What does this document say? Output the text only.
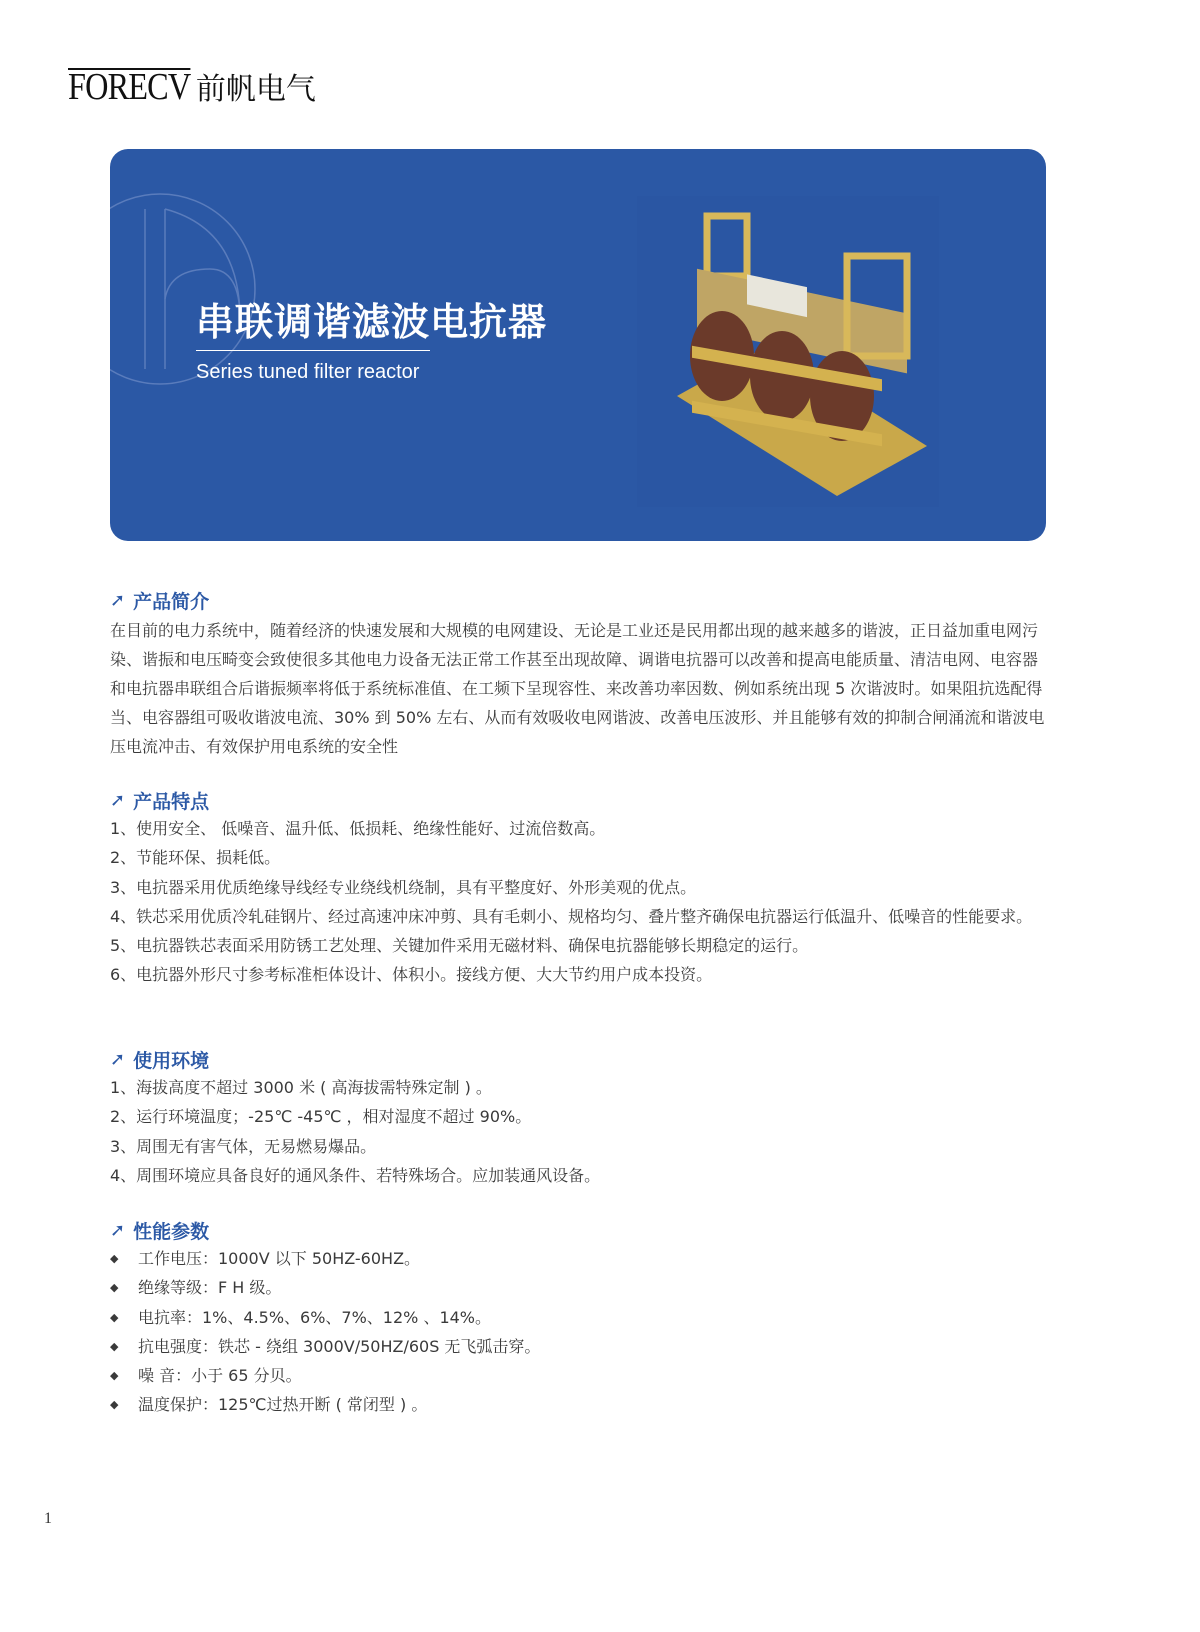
FORECV 前帆电气
串联调谐滤波电抗器
Series tuned filter reactor
➚ 产品简介
在目前的电力系统中，随着经济的快速发展和大规模的电网建设、无论是工业还是民用都出现的越来越多的谐波，正日益加重电网污染、谐振和电压畸变会致使很多其他电力设备无法正常工作甚至出现故障、调谐电抗器可以改善和提高电能质量、清洁电网、电容器和电抗器串联组合后谐振频率将低于系统标准值、在工频下呈现容性、来改善功率因数、例如系统出现 5 次谐波时。如果阻抗选配得当、电容器组可吸收谐波电流、30% 到 50% 左右、从而有效吸收电网谐波、改善电压波形、并且能够有效的抑制合闸涌流和谐波电压电流冲击、有效保护用电系统的安全性
➚ 产品特点
1、使用安全、 低噪音、温升低、低损耗、绝缘性能好、过流倍数高。
2、节能环保、损耗低。
3、电抗器采用优质绝缘导线经专业绕线机绕制，具有平整度好、外形美观的优点。
4、铁芯采用优质冷轧硅钢片、经过高速冲床冲剪、具有毛刺小、规格均匀、叠片整齐确保电抗器运行低温升、低噪音的性能要求。
5、电抗器铁芯表面采用防锈工艺处理、关键加件采用无磁材料、确保电抗器能够长期稳定的运行。
6、电抗器外形尺寸参考标准柜体设计、体积小。接线方便、大大节约用户成本投资。
➚ 使用环境
1、海拔高度不超过 3000 米 ( 高海拔需特殊定制 ) 。
2、运行环境温度；-25℃ -45℃ ，相对湿度不超过 90%。
3、周围无有害气体，无易燃易爆品。
4、周围环境应具备良好的通风条件、若特殊场合。应加装通风设备。
➚ 性能参数
◆	工作电压：1000V 以下 50HZ-60HZ。
◆	绝缘等级：F H 级。
◆	电抗率：1%、4.5%、6%、7%、12% 、14%。
◆	抗电强度：铁芯 - 绕组 3000V/50HZ/60S 无飞弧击穿。
◆	噪 音：小于 65 分贝。
◆	温度保护：125℃过热开断 ( 常闭型 ) 。
1
